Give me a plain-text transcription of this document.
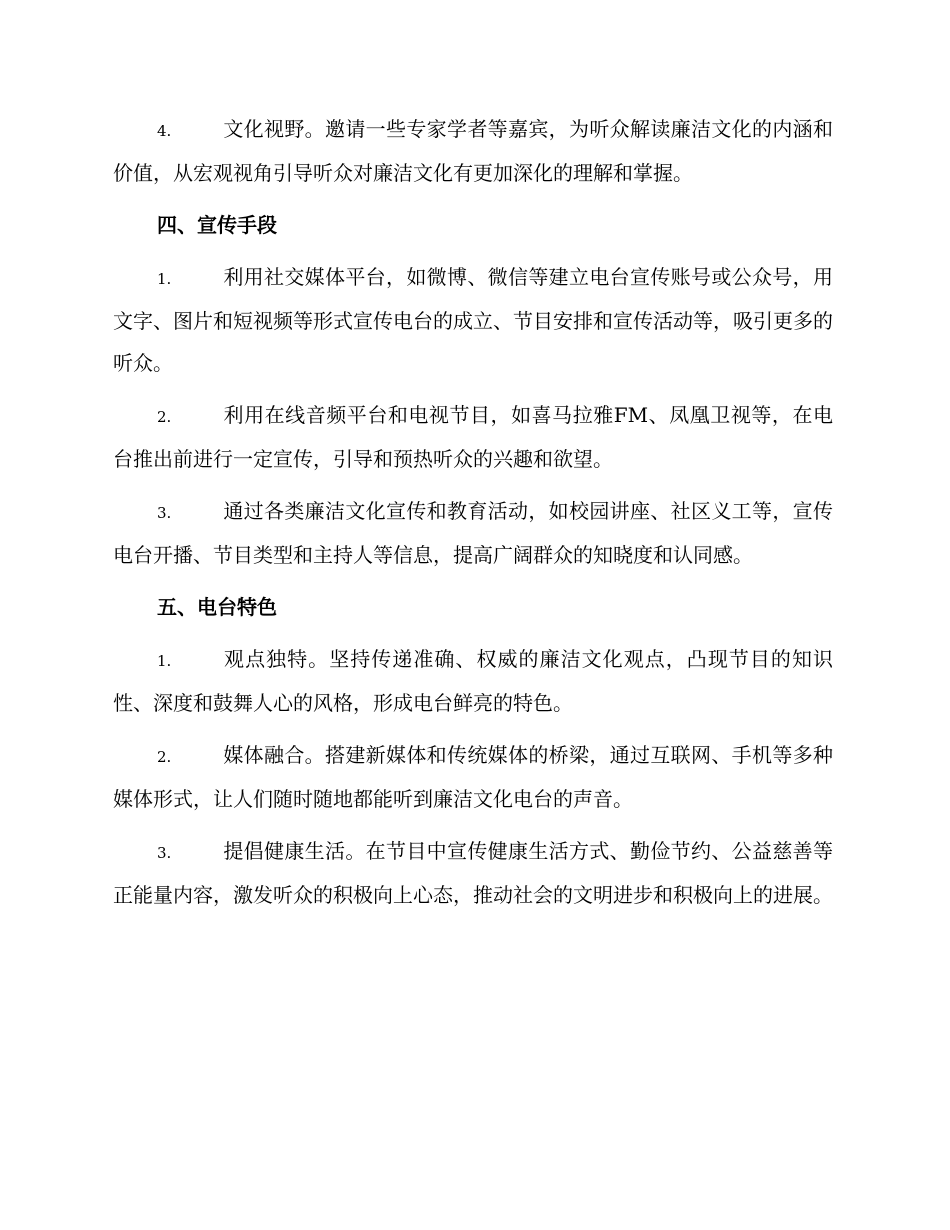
4.	文化视野。邀请一些专家学者等嘉宾，为听众解读廉洁文化的内涵和价值，从宏观视角引导听众对廉洁文化有更加深化的理解和掌握。

四、宣传手段

1.	利用社交媒体平台，如微博、微信等建立电台宣传账号或公众号，用文字、图片和短视频等形式宣传电台的成立、节目安排和宣传活动等，吸引更多的听众。

2.	利用在线音频平台和电视节目，如喜马拉雅FM、凤凰卫视等，在电台推出前进行一定宣传，引导和预热听众的兴趣和欲望。

3.	通过各类廉洁文化宣传和教育活动，如校园讲座、社区义工等，宣传电台开播、节目类型和主持人等信息，提高广阔群众的知晓度和认同感。

五、电台特色

1.	观点独特。坚持传递准确、权威的廉洁文化观点，凸现节目的知识性、深度和鼓舞人心的风格，形成电台鲜亮的特色。

2.	媒体融合。搭建新媒体和传统媒体的桥梁，通过互联网、手机等多种媒体形式，让人们随时随地都能听到廉洁文化电台的声音。

3.	提倡健康生活。在节目中宣传健康生活方式、勤俭节约、公益慈善等正能量内容，激发听众的积极向上心态，推动社会的文明进步和积极向上的进展。
